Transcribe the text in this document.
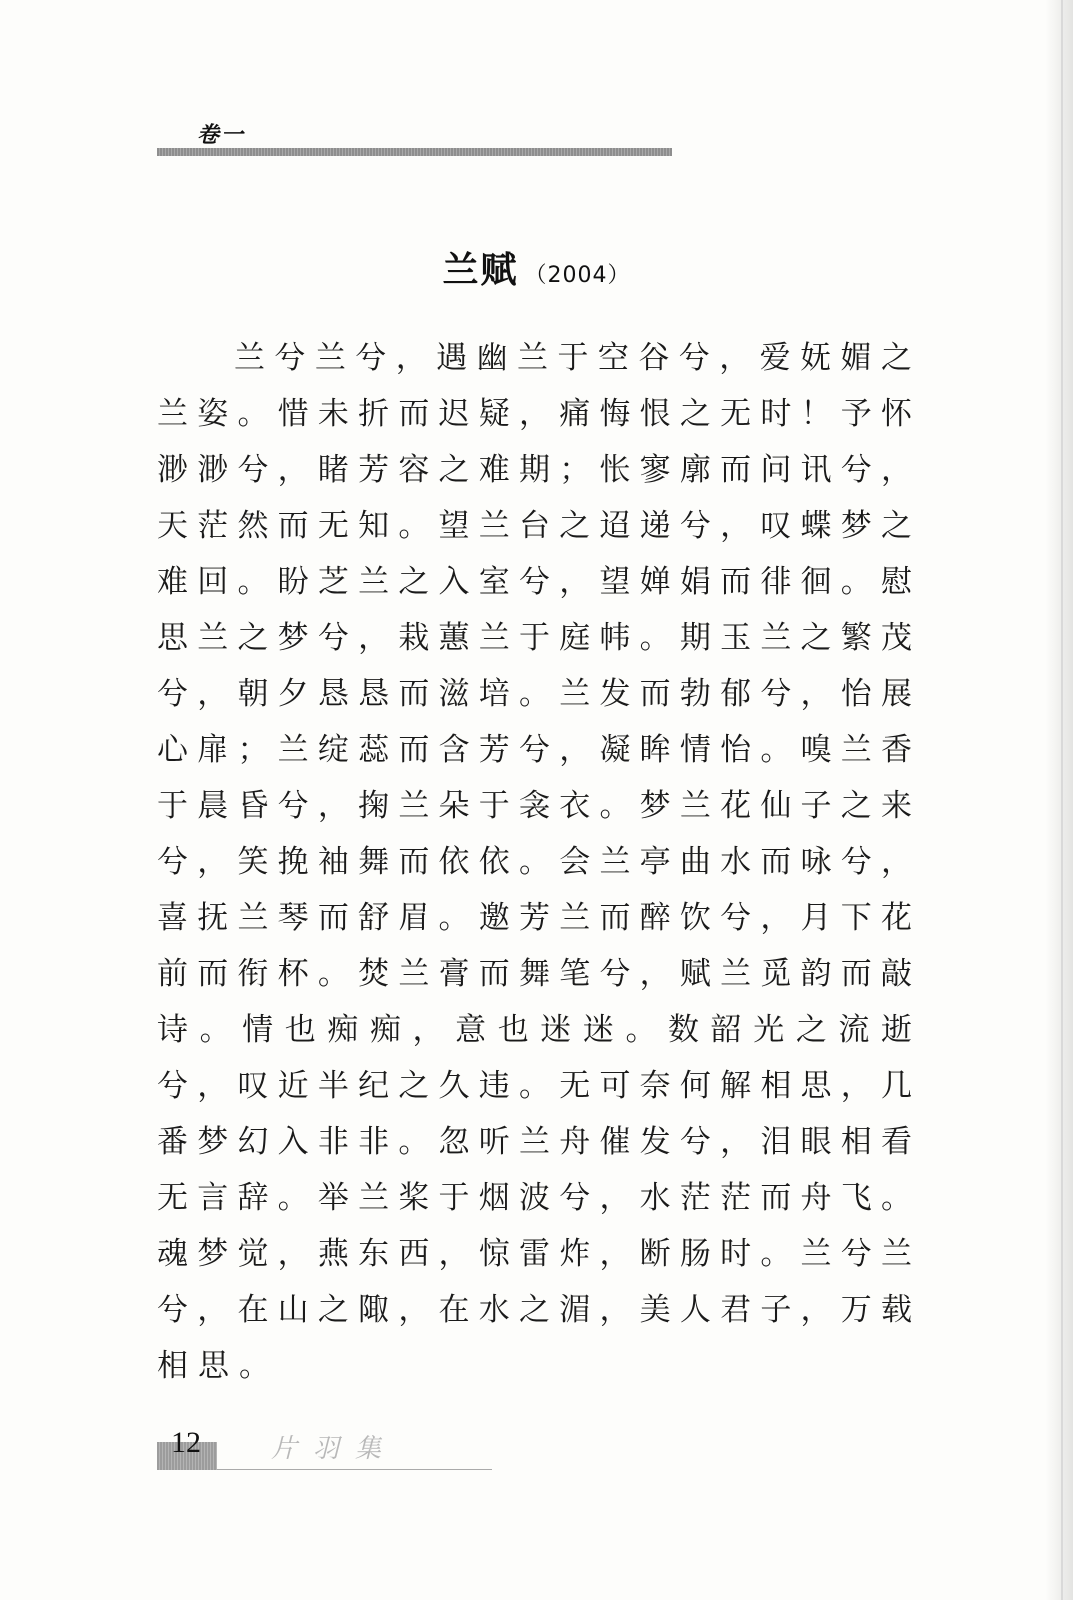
卷一
兰赋 （2004）
兰兮兰兮，遇幽兰于空谷兮，爱妩媚之
兰姿。惜未折而迟疑，痛悔恨之无时！予怀
渺渺兮，睹芳容之难期；怅寥廓而问讯兮，
天茫然而无知。望兰台之迢递兮，叹蝶梦之
难回。盼芝兰之入室兮，望婵娟而徘徊。慰
思兰之梦兮，栽蕙兰于庭帏。期玉兰之繁茂
兮，朝夕恳恳而滋培。兰发而勃郁兮，怡展
心扉；兰绽蕊而含芳兮，凝眸情怡。嗅兰香
于晨昏兮，掬兰朵于衾衣。梦兰花仙子之来
兮，笑挽袖舞而依依。会兰亭曲水而咏兮，
喜抚兰琴而舒眉。邀芳兰而醉饮兮，月下花
前而衔杯。焚兰膏而舞笔兮，赋兰觅韵而敲
诗。情也痴痴，意也迷迷。数韶光之流逝
兮，叹近半纪之久违。无可奈何解相思，几
番梦幻入非非。忽听兰舟催发兮，泪眼相看
无言辞。举兰桨于烟波兮，水茫茫而舟飞。
魂梦觉，燕东西，惊雷炸，断肠时。兰兮兰
兮，在山之陬，在水之湄，美人君子，万载
相思。
12	片羽集
